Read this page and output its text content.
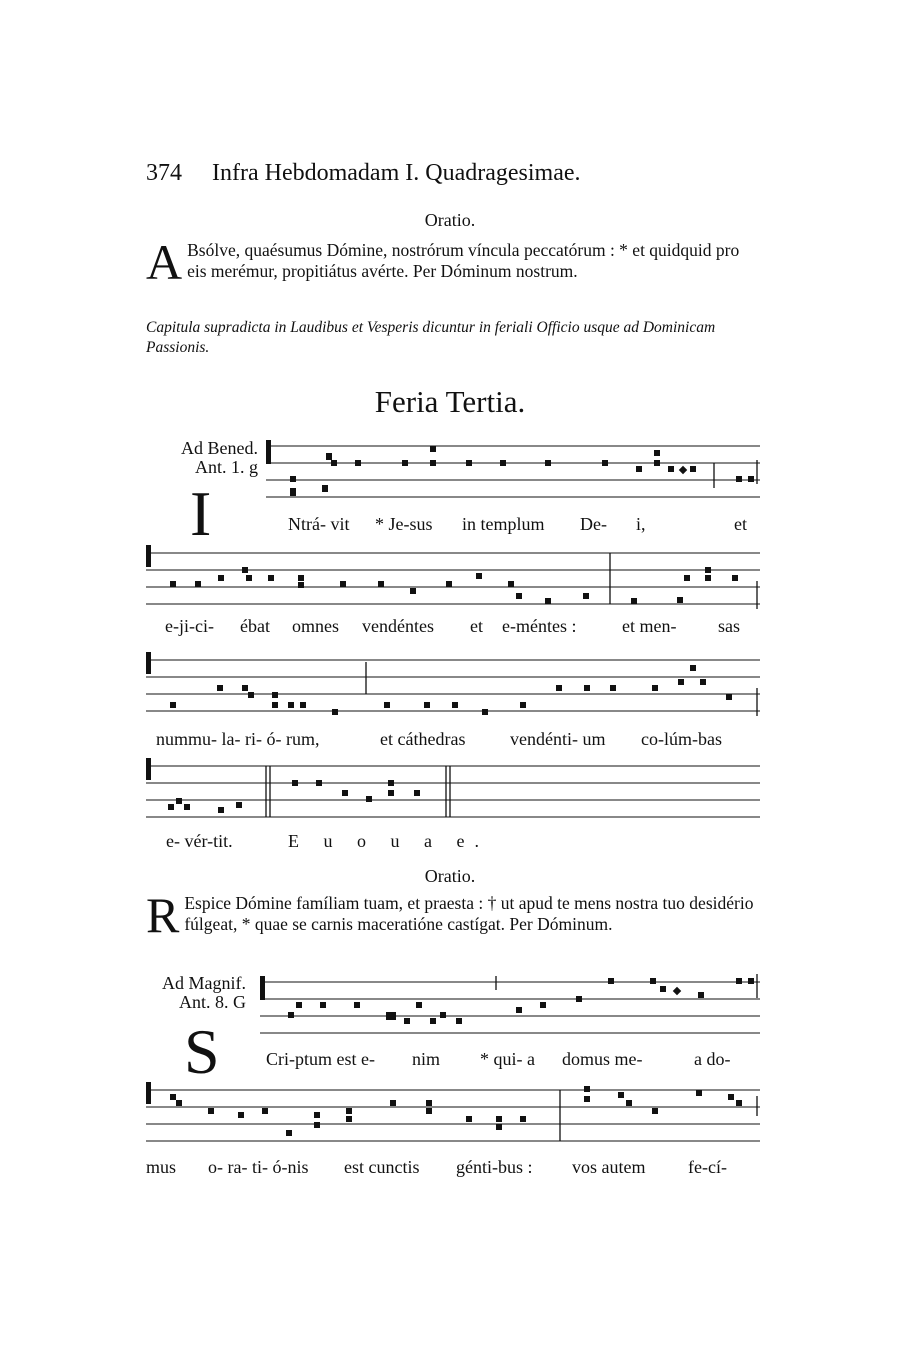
374 Infra Hebdomadam I. Quadragesimae.
Oratio.
A Bsólve, quaésumus Dómine, nostrórum víncula peccatórum : * et quidquid pro eis merémur, propitiátus avérte. Per Dóminum nostrum.
Capitula supradicta in Laudibus et Vesperis dicuntur in feriali Officio usque ad Dominicam Passionis.
Feria Tertia.
Ad Bened.
Ant. 1. g
I	Ntrá- vit * Je-sus in templum De- i,	et
e-ji-ci- ébat omnes vendéntes et e-méntes :	et men- sas
nummu- la- ri- ó- rum,	et cáthedras vendénti- um co-lúm-bas
e- vér-tit.	E u o u a e.
Oratio.
R Espice Dómine famíliam tuam, et praesta : † ut apud te mens nostra tuo desidério fúlgeat, * quae se carnis maceratióne castígat. Per Dóminum.
Ad Magnif.
Ant. 8. G
S	Cri-ptum est e- nim * qui- a domus me-	a do-
mus o- ra- ti- ó-nis est cunctis génti-bus : vos autem fe-cí-
